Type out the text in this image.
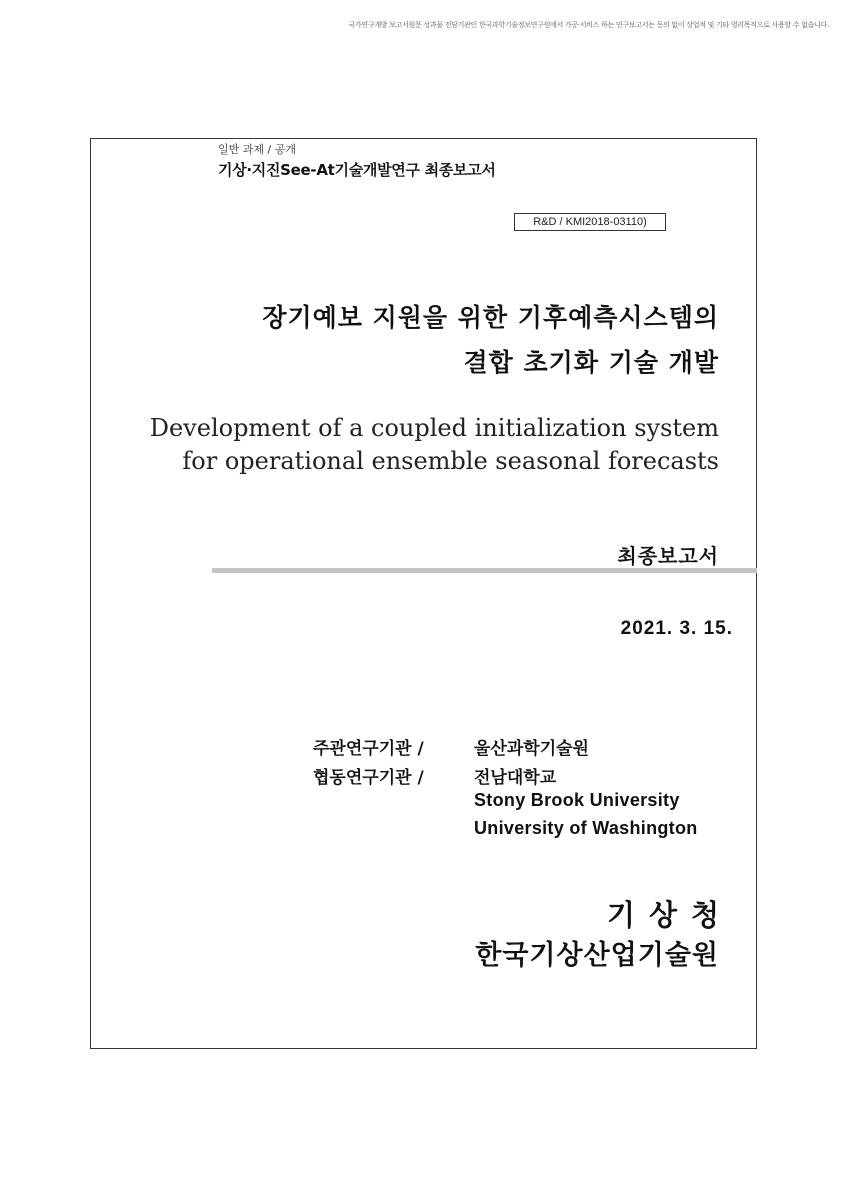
국가연구개발 보고서원문 성과물 전담기관인 한국과학기술정보연구원에서 가공·서비스 하는 연구보고서는 동의 없이 상업적 및 기타 영리목적으로 사용할 수 없습니다.
일반 과제 / 공개
기상·지진See-At기술개발연구 최종보고서
R&D / KMI2018-03110)
장기예보 지원을 위한 기후예측시스템의
결합 초기화 기술 개발
Development of a coupled initialization system
for operational ensemble seasonal forecasts
최종보고서
2021. 3. 15.
주관연구기관 /	울산과학기술원
협동연구기관 /	전남대학교
Stony Brook University
University of Washington
기상청
한국기상산업기술원
